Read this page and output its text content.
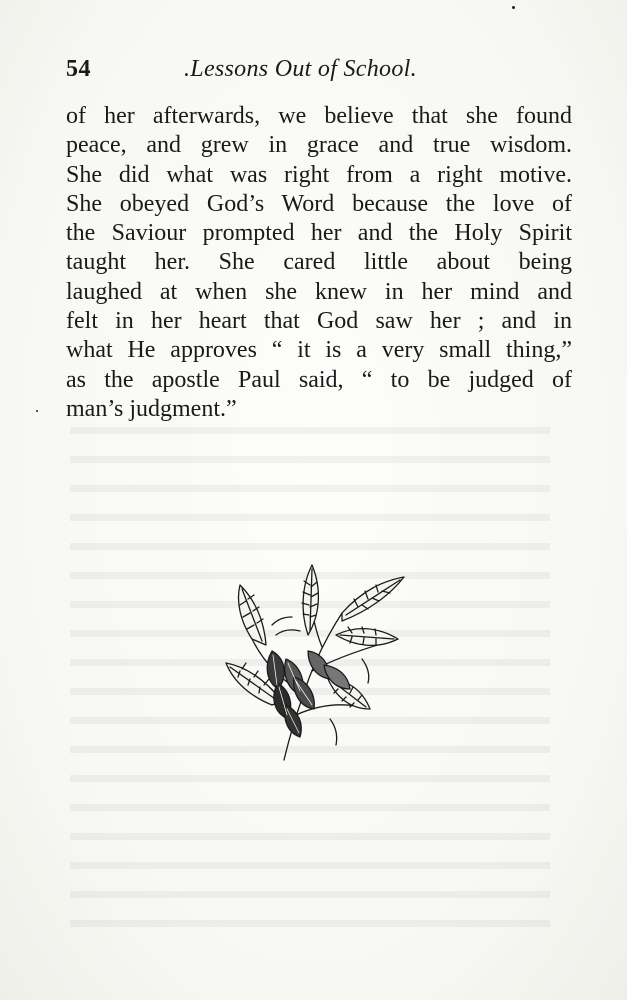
54	.Lessons Out of School.
of her afterwards, we believe that she found
peace, and grew in grace and true wisdom.
She did what was right from a right motive.
She obeyed God’s Word because the love of
the Saviour prompted her and the Holy Spirit
taught her. She cared little about being
laughed at when she knew in her mind and
felt in her heart that God saw her ; and in
what He approves “ it is a very small thing,”
as the apostle Paul said, “ to be judged of
man’s judgment.”
